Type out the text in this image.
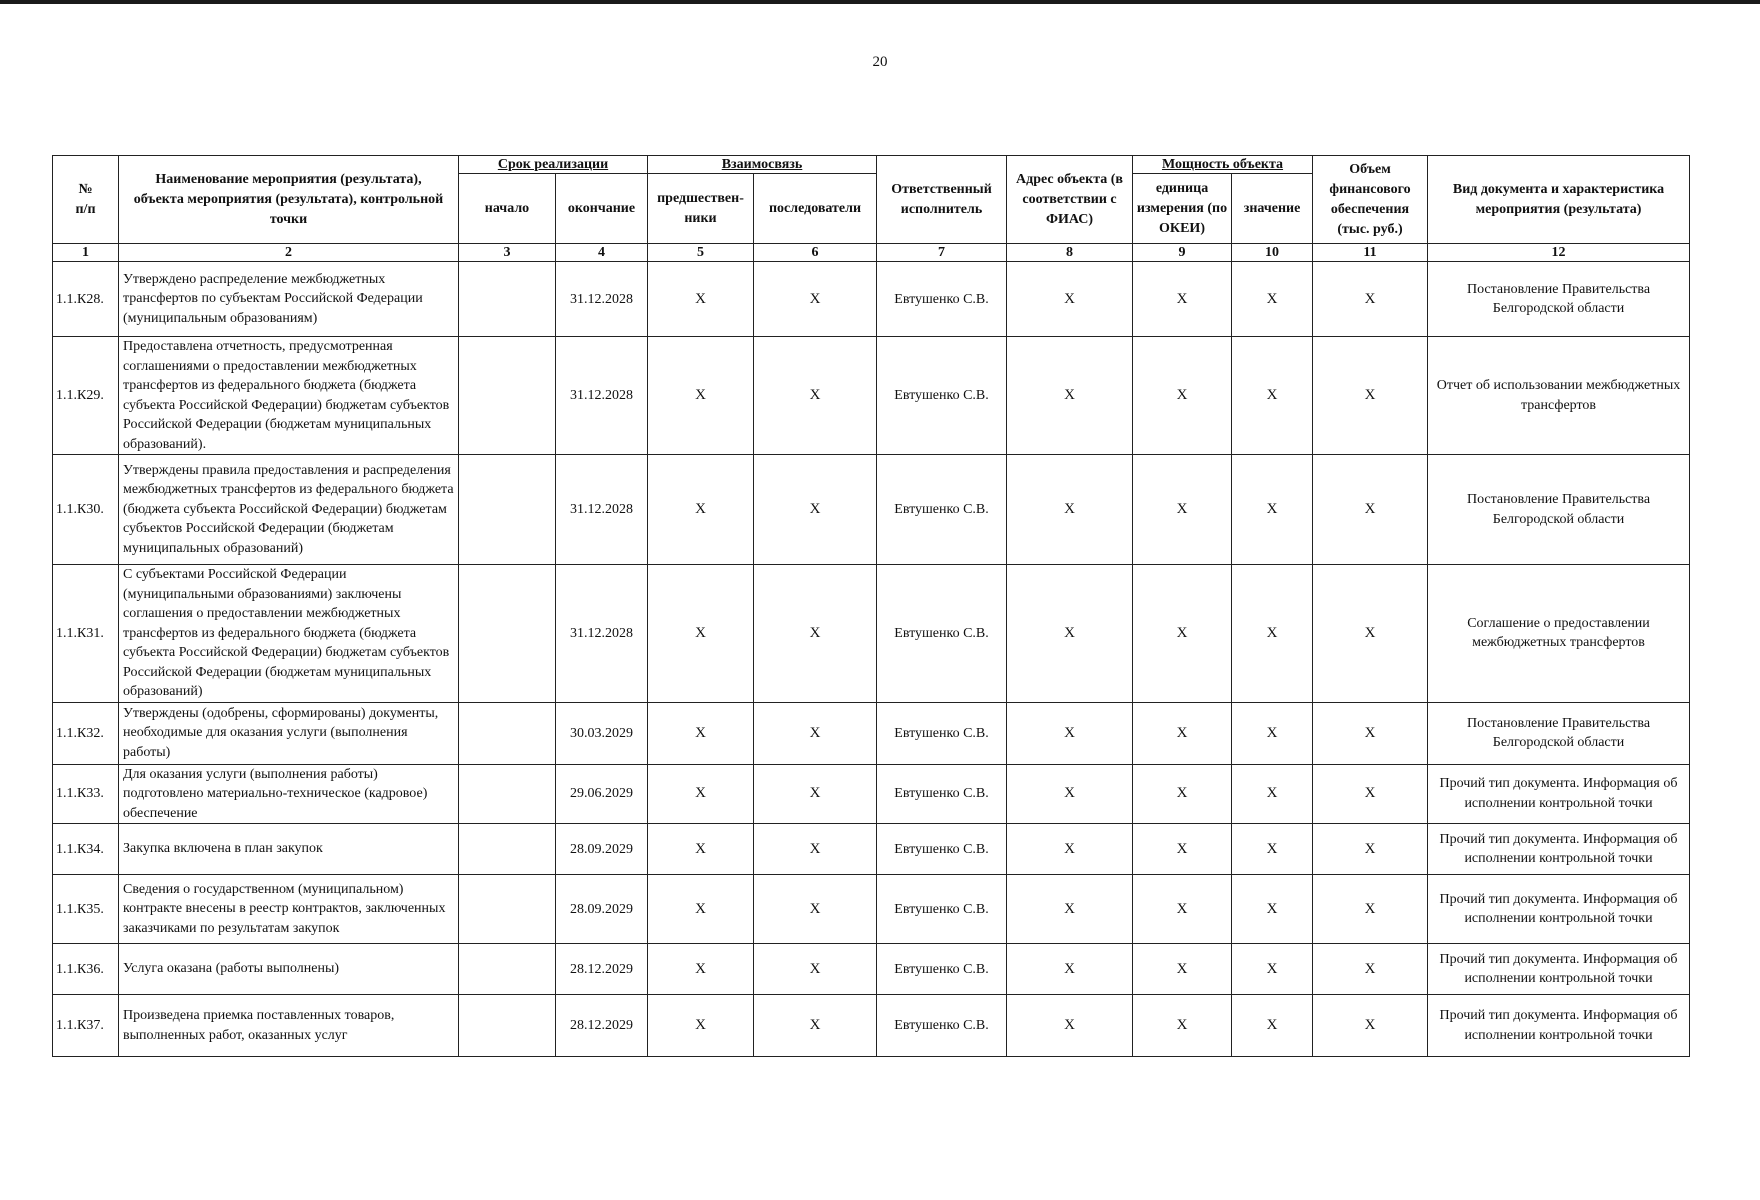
20
№
п/п	Наименование мероприятия (результата), объекта мероприятия (результата), контрольной точки	Срок реализации		Взаимосвязь		Ответственный исполнитель	Адрес объекта (в соответствии с ФИАС)	Мощность объекта		Объем финансового обеспечения (тыс. руб.)	Вид документа и характеристика мероприятия (результата)
		начало	окончание	предшествен-ники	последователи			единица измерения (по ОКЕИ)	значение		
1	2	3	4	5	6	7	8	9	10	11	12
1.1.К28.	Утверждено распределение межбюджетных трансфертов по субъектам Российской Федерации (муниципальным образованиям)		31.12.2028	X	X	Евтушенко С.В.	X	X	X	X	Постановление Правительства Белгородской области
1.1.К29.	Предоставлена отчетность, предусмотренная соглашениями о предоставлении межбюджетных трансфертов из федерального бюджета (бюджета субъекта Российской Федерации) бюджетам субъектов Российской Федерации (бюджетам муниципальных образований).		31.12.2028	X	X	Евтушенко С.В.	X	X	X	X	Отчет об использовании межбюджетных трансфертов
1.1.К30.	Утверждены правила предоставления и распределения межбюджетных трансфертов из федерального бюджета (бюджета субъекта Российской Федерации) бюджетам субъектов Российской Федерации (бюджетам муниципальных образований)		31.12.2028	X	X	Евтушенко С.В.	X	X	X	X	Постановление Правительства Белгородской области
1.1.К31.	С субъектами Российской Федерации (муниципальными образованиями) заключены соглашения о предоставлении межбюджетных трансфертов из федерального бюджета (бюджета субъекта Российской Федерации) бюджетам субъектов Российской Федерации (бюджетам муниципальных образований)		31.12.2028	X	X	Евтушенко С.В.	X	X	X	X	Соглашение о предоставлении межбюджетных трансфертов
1.1.К32.	Утверждены (одобрены, сформированы) документы, необходимые для оказания услуги (выполнения работы)		30.03.2029	X	X	Евтушенко С.В.	X	X	X	X	Постановление Правительства Белгородской области
1.1.К33.	Для оказания услуги (выполнения работы) подготовлено материально-техническое (кадровое) обеспечение		29.06.2029	X	X	Евтушенко С.В.	X	X	X	X	Прочий тип документа. Информация об исполнении контрольной точки
1.1.К34.	Закупка включена в план закупок		28.09.2029	X	X	Евтушенко С.В.	X	X	X	X	Прочий тип документа. Информация об исполнении контрольной точки
1.1.К35.	Сведения о государственном (муниципальном) контракте внесены в реестр контрактов, заключенных заказчиками по результатам закупок		28.09.2029	X	X	Евтушенко С.В.	X	X	X	X	Прочий тип документа. Информация об исполнении контрольной точки
1.1.К36.	Услуга оказана (работы выполнены)		28.12.2029	X	X	Евтушенко С.В.	X	X	X	X	Прочий тип документа. Информация об исполнении контрольной точки
1.1.К37.	Произведена приемка поставленных товаров, выполненных работ, оказанных услуг		28.12.2029	X	X	Евтушенко С.В.	X	X	X	X	Прочий тип документа. Информация об исполнении контрольной точки
